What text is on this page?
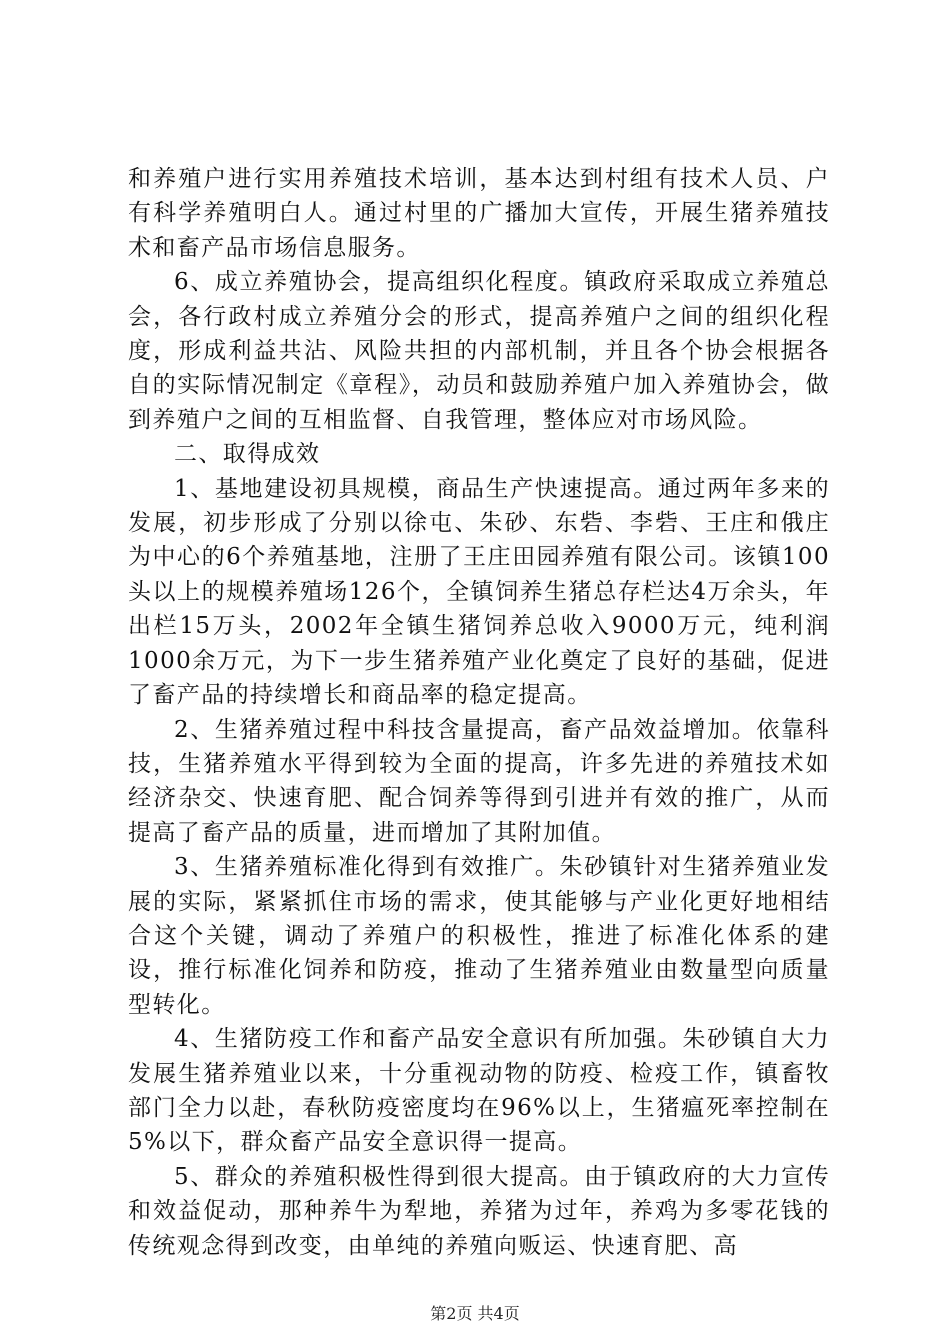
和养殖户进行实用养殖技术培训，基本达到村组有技术人员、户有科学养殖明白人。通过村里的广播加大宣传，开展生猪养殖技术和畜产品市场信息服务。

6、成立养殖协会，提高组织化程度。镇政府采取成立养殖总会，各行政村成立养殖分会的形式，提高养殖户之间的组织化程度，形成利益共沾、风险共担的内部机制，并且各个协会根据各自的实际情况制定《章程》，动员和鼓励养殖户加入养殖协会，做到养殖户之间的互相监督、自我管理，整体应对市场风险。

二、取得成效

1、基地建设初具规模，商品生产快速提高。通过两年多来的发展，初步形成了分别以徐屯、朱砂、东砦、李砦、王庄和俄庄为中心的6个养殖基地，注册了王庄田园养殖有限公司。该镇100头以上的规模养殖场126个，全镇饲养生猪总存栏达4万余头，年出栏15万头，2002年全镇生猪饲养总收入9000万元，纯利润1000余万元，为下一步生猪养殖产业化奠定了良好的基础，促进了畜产品的持续增长和商品率的稳定提高。

2、生猪养殖过程中科技含量提高，畜产品效益增加。依靠科技，生猪养殖水平得到较为全面的提高，许多先进的养殖技术如经济杂交、快速育肥、配合饲养等得到引进并有效的推广，从而提高了畜产品的质量，进而增加了其附加值。

3、生猪养殖标准化得到有效推广。朱砂镇针对生猪养殖业发展的实际，紧紧抓住市场的需求，使其能够与产业化更好地相结合这个关键，调动了养殖户的积极性，推进了标准化体系的建设，推行标准化饲养和防疫，推动了生猪养殖业由数量型向质量型转化。

4、生猪防疫工作和畜产品安全意识有所加强。朱砂镇自大力发展生猪养殖业以来，十分重视动物的防疫、检疫工作，镇畜牧部门全力以赴，春秋防疫密度均在96%以上，生猪瘟死率控制在5%以下，群众畜产品安全意识得一提高。

5、群众的养殖积极性得到很大提高。由于镇政府的大力宣传和效益促动，那种养牛为犁地，养猪为过年，养鸡为多零花钱的传统观念得到改变，由单纯的养殖向贩运、快速育肥、高

第2页 共4页
